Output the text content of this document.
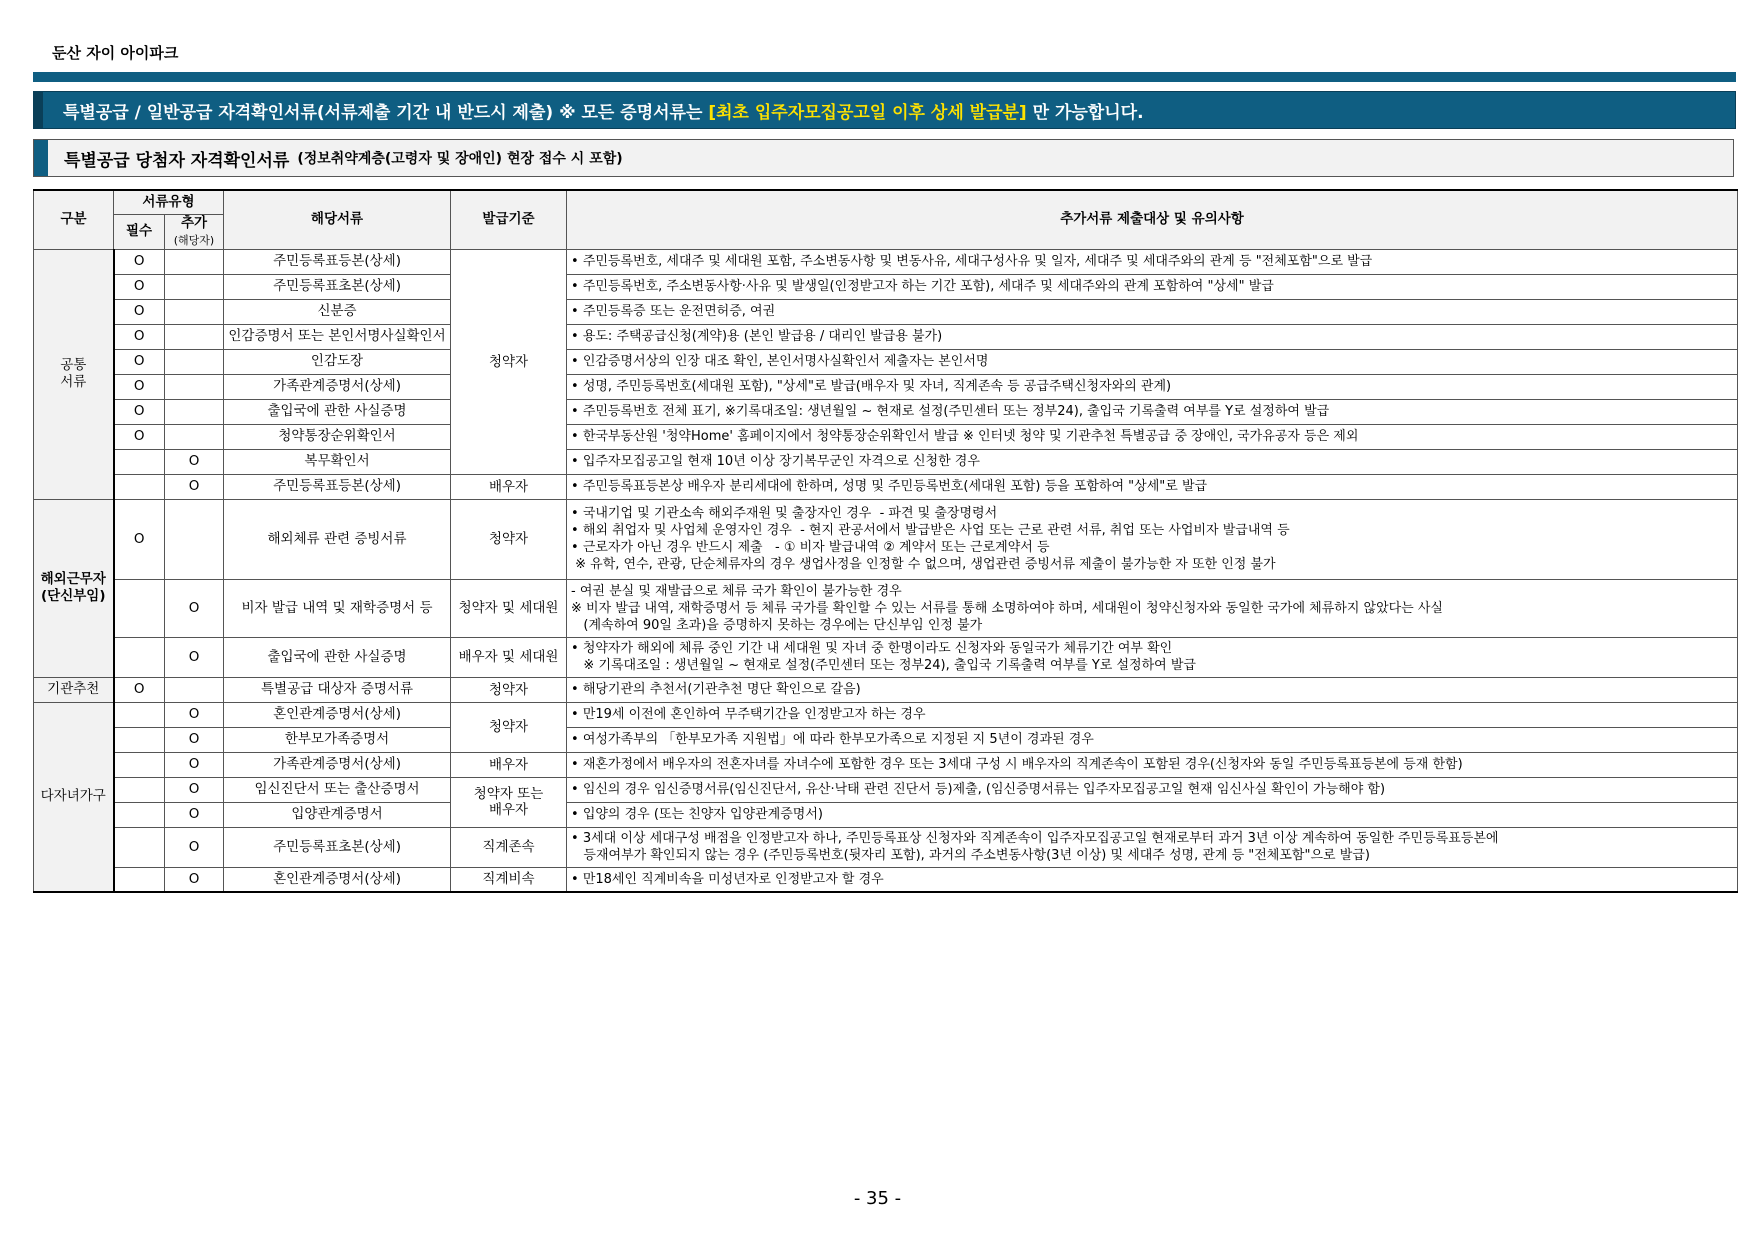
둔산 자이 아이파크
특별공급 / 일반공급 자격확인서류(서류제출 기간 내 반드시 제출) ※ 모든 증명서류는 [최초 입주자모집공고일 이후 상세 발급분] 만 가능합니다.
특별공급 당첨자 자격확인서류 (정보취약계층(고령자 및 장애인) 현장 접수 시 포함)
구분	서류유형		해당서류	발급기준	추가서류 제출대상 및 유의사항
	필수	추가
(해당자)			

공통
서류	O		주민등록표등본(상세)	청약자	• 주민등록번호, 세대주 및 세대원 포함, 주소변동사항 및 변동사유, 세대구성사유 및 일자, 세대주 및 세대주와의 관계 등 "전체포함"으로 발급

	O		주민등록표초본(상세)		• 주민등록번호, 주소변동사항·사유 및 발생일(인정받고자 하는 기간 포함), 세대주 및 세대주와의 관계 포함하여 "상세" 발급

	O		신분증		• 주민등록증 또는 운전면허증, 여권

	O		인감증명서 또는 본인서명사실확인서		• 용도: 주택공급신청(계약)용 (본인 발급용 / 대리인 발급용 불가)

	O		인감도장		• 인감증명서상의 인장 대조 확인, 본인서명사실확인서 제출자는 본인서명

	O		가족관계증명서(상세)		• 성명, 주민등록번호(세대원 포함), "상세"로 발급(배우자 및 자녀, 직계존속 등 공급주택신청자와의 관계)

	O		출입국에 관한 사실증명		• 주민등록번호 전체 표기, ※기록대조일: 생년월일 ~ 현재로 설정(주민센터 또는 정부24), 출입국 기록출력 여부를 Y로 설정하여 발급

	O		청약통장순위확인서		• 한국부동산원 '청약Home' 홈페이지에서 청약통장순위확인서 발급 ※ 인터넷 청약 및 기관추천 특별공급 중 장애인, 국가유공자 등은 제외

		O	복무확인서		• 입주자모집공고일 현재 10년 이상 장기복무군인 자격으로 신청한 경우

		O	주민등록표등본(상세)	배우자	• 주민등록표등본상 배우자 분리세대에 한하며, 성명 및 주민등록번호(세대원 포함) 등을 포함하여 "상세"로 발급

해외근무자
(단신부임)	O		해외체류 관련 증빙서류	청약자	• 국내기업 및 기관소속 해외주재원 및 출장자인 경우  - 파견 및 출장명령서
• 해외 취업자 및 사업체 운영자인 경우  - 현지 관공서에서 발급받은 사업 또는 근로 관련 서류, 취업 또는 사업비자 발급내역 등
• 근로자가 아닌 경우 반드시 제출   - ① 비자 발급내역 ② 계약서 또는 근로계약서 등
※ 유학, 연수, 관광, 단순체류자의 경우 생업사정을 인정할 수 없으며, 생업관련 증빙서류 제출이 불가능한 자 또한 인정 불가

		O	비자 발급 내역 및 재학증명서 등	청약자 및 세대원	- 여권 분실 및 재발급으로 체류 국가 확인이 불가능한 경우
※ 비자 발급 내역, 재학증명서 등 체류 국가를 확인할 수 있는 서류를 통해 소명하여야 하며, 세대원이 청약신청자와 동일한 국가에 체류하지 않았다는 사실
(계속하여 90일 초과)을 증명하지 못하는 경우에는 단신부임 인정 불가

		O	출입국에 관한 사실증명	배우자 및 세대원	• 청약자가 해외에 체류 중인 기간 내 세대원 및 자녀 중 한명이라도 신청자와 동일국가 체류기간 여부 확인
※ 기록대조일 : 생년월일 ~ 현재로 설정(주민센터 또는 정부24), 출입국 기록출력 여부를 Y로 설정하여 발급

기관추천	O		특별공급 대상자 증명서류	청약자	• 해당기관의 추천서(기관추천 명단 확인으로 갈음)

다자녀가구		O	혼인관계증명서(상세)	청약자	• 만19세 이전에 혼인하여 무주택기간을 인정받고자 하는 경우

		O	한부모가족증명서		• 여성가족부의 「한부모가족 지원법」에 따라 한부모가족으로 지정된 지 5년이 경과된 경우

		O	가족관계증명서(상세)	배우자	• 재혼가정에서 배우자의 전혼자녀를 자녀수에 포함한 경우 또는 3세대 구성 시 배우자의 직계존속이 포함된 경우(신청자와 동일 주민등록표등본에 등재 한함)

		O	임신진단서 또는 출산증명서	청약자 또는
배우자	• 임신의 경우 임신증명서류(임신진단서, 유산·낙태 관련 진단서 등)제출, (임신증명서류는 입주자모집공고일 현재 임신사실 확인이 가능해야 함)

		O	입양관계증명서		• 입양의 경우 (또는 친양자 입양관계증명서)

		O	주민등록표초본(상세)	직계존속	• 3세대 이상 세대구성 배점을 인정받고자 하나, 주민등록표상 신청자와 직계존속이 입주자모집공고일 현재로부터 과거 3년 이상 계속하여 동일한 주민등록표등본에
등재여부가 확인되지 않는 경우 (주민등록번호(뒷자리 포함), 과거의 주소변동사항(3년 이상) 및 세대주 성명, 관계 등 "전체포함"으로 발급)

		O	혼인관계증명서(상세)	직계비속	• 만18세인 직계비속을 미성년자로 인정받고자 할 경우
- 35 -
